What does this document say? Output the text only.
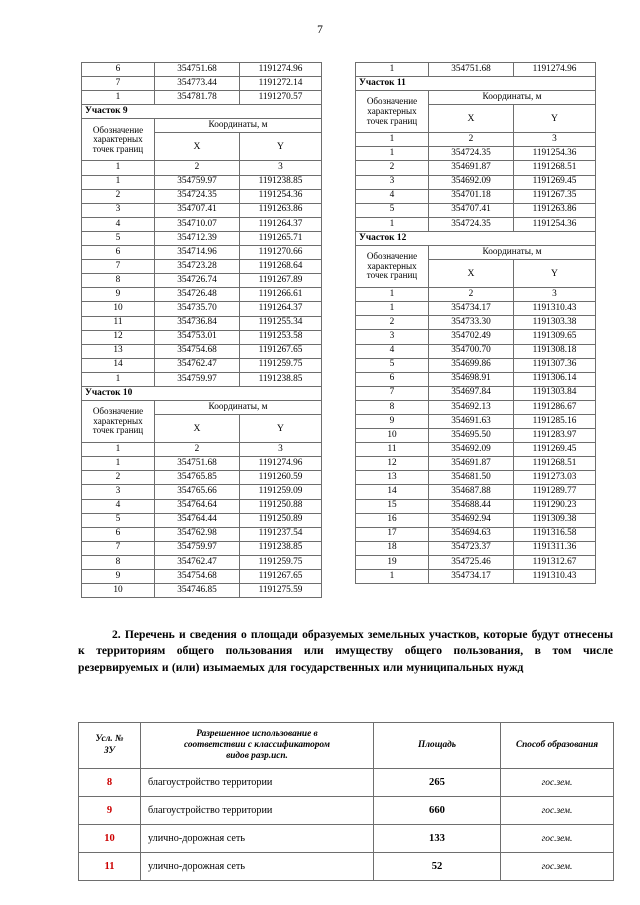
7
6	354751.68	1191274.96
7	354773.44	1191272.14
1	354781.78	1191270.57
Участок 9		
Обозначение
характерных
точек границ	Координаты, м	
	X	Y
1	2	3
1	354759.97	1191238.85
2	354724.35	1191254.36
3	354707.41	1191263.86
4	354710.07	1191264.37
5	354712.39	1191265.71
6	354714.96	1191270.66
7	354723.28	1191268.64
8	354726.74	1191267.89
9	354726.48	1191266.61
10	354735.70	1191264.37
11	354736.84	1191255.34
12	354753.01	1191253.58
13	354754.68	1191267.65
14	354762.47	1191259.75
1	354759.97	1191238.85
Участок 10		
Обозначение
характерных
точек границ	Координаты, м	
	X	Y
1	2	3
1	354751.68	1191274.96
2	354765.85	1191260.59
3	354765.66	1191259.09
4	354764.64	1191250.88
5	354764.44	1191250.89
6	354762.98	1191237.54
7	354759.97	1191238.85
8	354762.47	1191259.75
9	354754.68	1191267.65
10	354746.85	1191275.59
1	354751.68	1191274.96
Участок 11		
Обозначение
характерных
точек границ	Координаты, м	
	X	Y
1	2	3
1	354724.35	1191254.36
2	354691.87	1191268.51
3	354692.09	1191269.45
4	354701.18	1191267.35
5	354707.41	1191263.86
1	354724.35	1191254.36
Участок 12		
Обозначение
характерных
точек границ	Координаты, м	
	X	Y
1	2	3
1	354734.17	1191310.43
2	354733.30	1191303.38
3	354702.49	1191309.65
4	354700.70	1191308.18
5	354699.86	1191307.36
6	354698.91	1191306.14
7	354697.84	1191303.84
8	354692.13	1191286.67
9	354691.63	1191285.16
10	354695.50	1191283.97
11	354692.09	1191269.45
12	354691.87	1191268.51
13	354681.50	1191273.03
14	354687.88	1191289.77
15	354688.44	1191290.23
16	354692.94	1191309.38
17	354694.63	1191316.58
18	354723.37	1191311.36
19	354725.46	1191312.67
1	354734.17	1191310.43
2. Перечень и сведения о площади образуемых земельных участков, которые будут отнесены к территориям общего пользования или имуществу общего пользования, в том числе резервируемых и (или) изымаемых для государственных или муниципальных нужд
Усл. №
ЗУ	Разрешенное использование в
соответствии с классификатором
видов разр.исп.	Площадь	Способ образования
8	благоустройство территории	265	гос.зем.
9	благоустройство территории	660	гос.зем.
10	улично-дорожная сеть	133	гос.зем.
11	улично-дорожная сеть	52	гос.зем.
